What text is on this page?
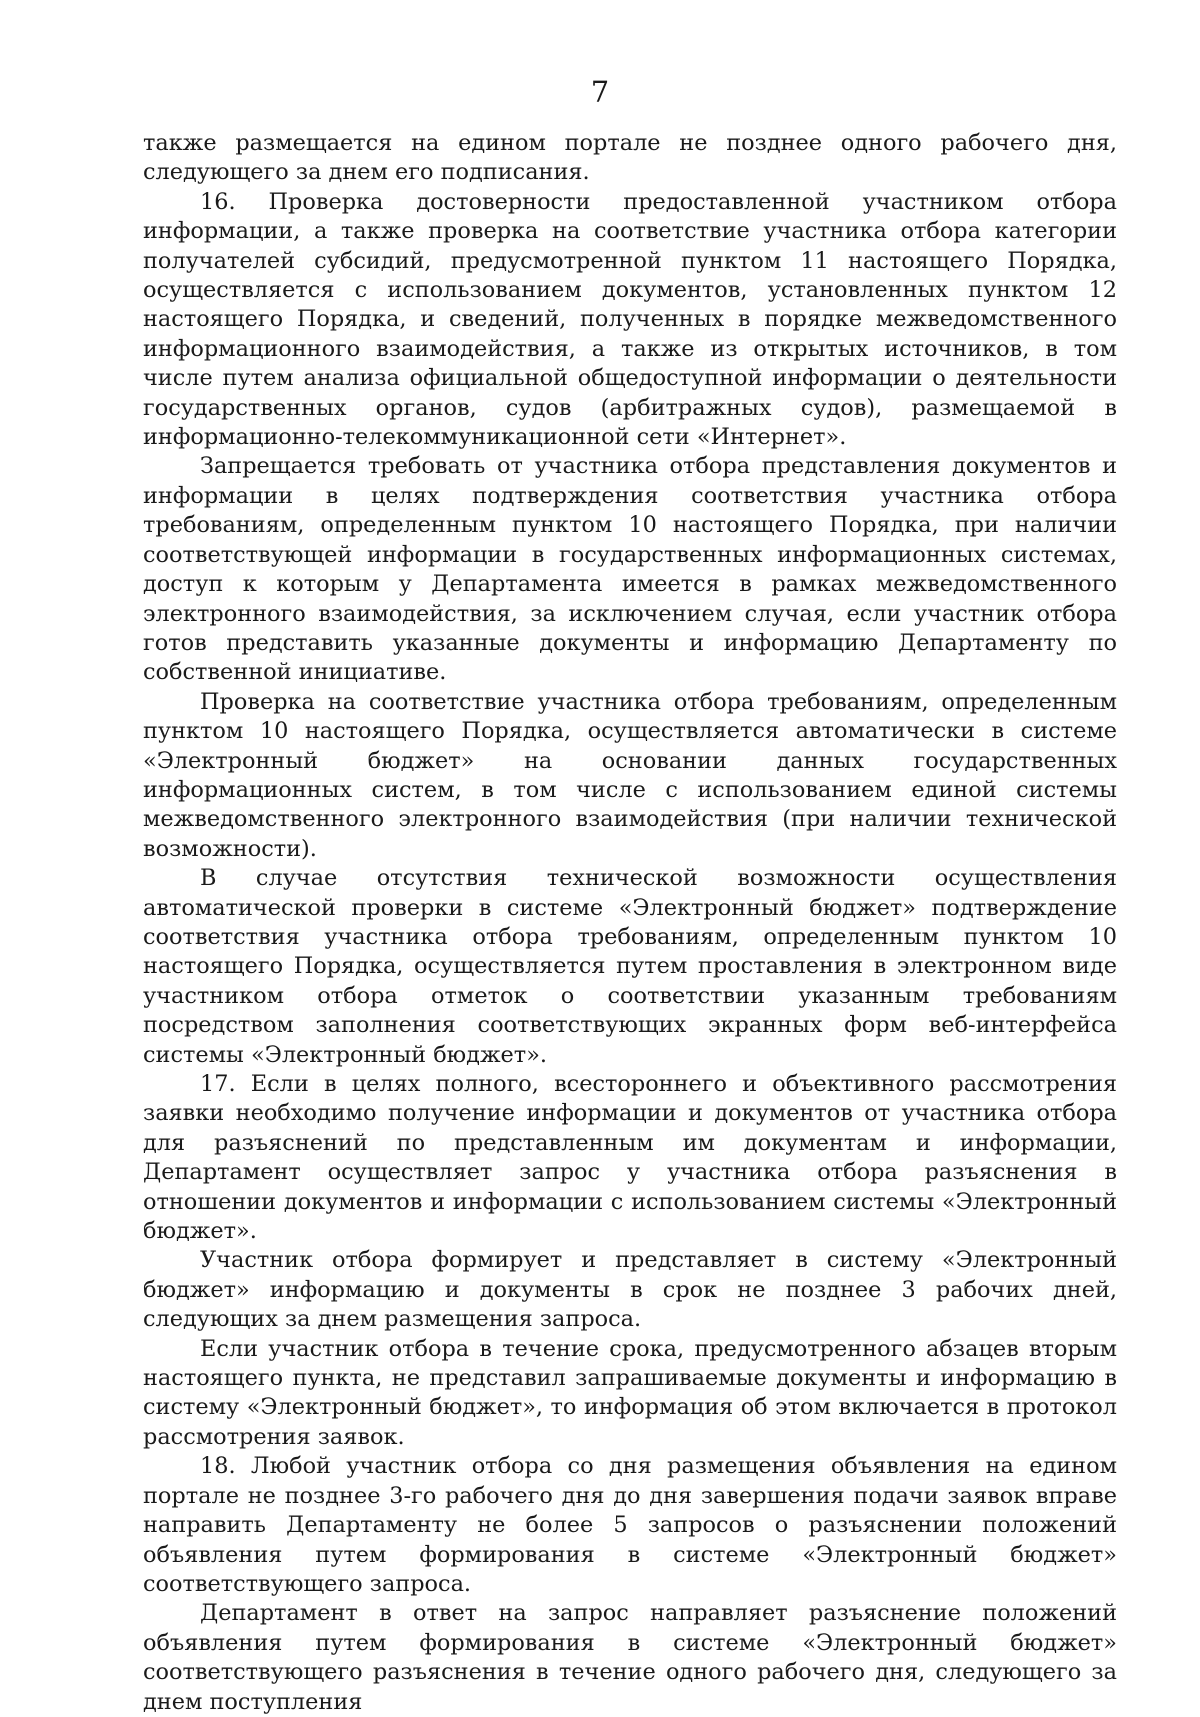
7

также размещается на едином портале не позднее одного рабочего дня, следующего за днем его подписания.

16. Проверка достоверности предоставленной участником отбора информации, а также проверка на соответствие участника отбора категории получателей субсидий, предусмотренной пунктом 11 настоящего Порядка, осуществляется с использованием документов, установленных пунктом 12 настоящего Порядка, и сведений, полученных в порядке межведомственного информационного взаимодействия, а также из открытых источников, в том числе путем анализа официальной общедоступной информации о деятельности государственных органов, судов (арбитражных судов), размещаемой в информационно-телекоммуникационной сети «Интернет».

Запрещается требовать от участника отбора представления документов и информации в целях подтверждения соответствия участника отбора требованиям, определенным пунктом 10 настоящего Порядка, при наличии соответствующей информации в государственных информационных системах, доступ к которым у Департамента имеется в рамках межведомственного электронного взаимодействия, за исключением случая, если участник отбора готов представить указанные документы и информацию Департаменту по собственной инициативе.

Проверка на соответствие участника отбора требованиям, определенным пунктом 10 настоящего Порядка, осуществляется автоматически в системе «Электронный бюджет» на основании данных государственных информационных систем, в том числе с использованием единой системы межведомственного электронного взаимодействия (при наличии технической возможности).

В случае отсутствия технической возможности осуществления автоматической проверки в системе «Электронный бюджет» подтверждение соответствия участника отбора требованиям, определенным пунктом 10 настоящего Порядка, осуществляется путем проставления в электронном виде участником отбора отметок о соответствии указанным требованиям посредством заполнения соответствующих экранных форм веб-интерфейса системы «Электронный бюджет».

17. Если в целях полного, всестороннего и объективного рассмотрения заявки необходимо получение информации и документов от участника отбора для разъяснений по представленным им документам и информации, Департамент осуществляет запрос у участника отбора разъяснения в отношении документов и информации с использованием системы «Электронный бюджет».

Участник отбора формирует и представляет в систему «Электронный бюджет» информацию и документы в срок не позднее 3 рабочих дней, следующих за днем размещения запроса.

Если участник отбора в течение срока, предусмотренного абзацев вторым настоящего пункта, не представил запрашиваемые документы и информацию в систему «Электронный бюджет», то информация об этом включается в протокол рассмотрения заявок.

18. Любой участник отбора со дня размещения объявления на едином портале не позднее 3-го рабочего дня до дня завершения подачи заявок вправе направить Департаменту не более 5 запросов о разъяснении положений объявления путем формирования в системе «Электронный бюджет» соответствующего запроса.

Департамент в ответ на запрос направляет разъяснение положений объявления путем формирования в системе «Электронный бюджет» соответствующего разъяснения в течение одного рабочего дня, следующего за днем поступления
